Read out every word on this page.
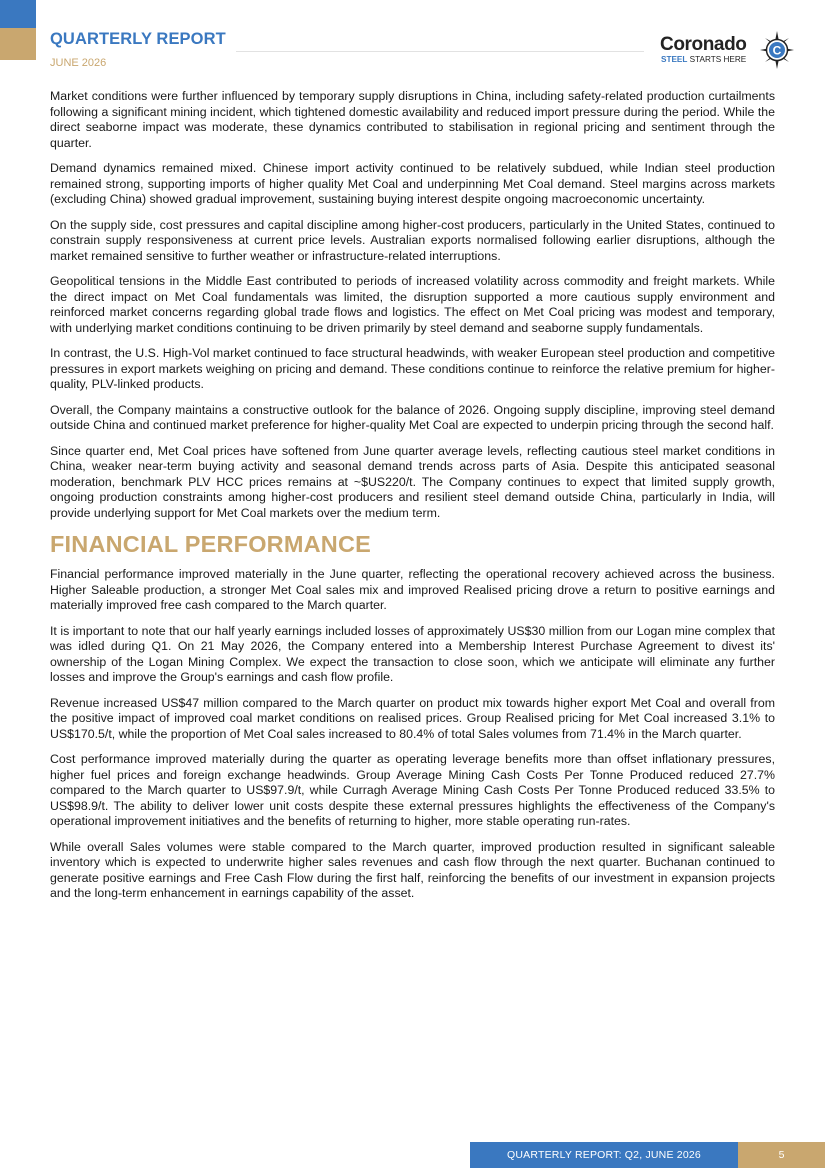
QUARTERLY REPORT
JUNE 2026
Coronado
STEEL STARTS HERE
C

Market conditions were further influenced by temporary supply disruptions in China, including safety-related production curtailments following a significant mining incident, which tightened domestic availability and reduced import pressure during the period. While the direct seaborne impact was moderate, these dynamics contributed to stabilisation in regional pricing and sentiment through the quarter.

Demand dynamics remained mixed. Chinese import activity continued to be relatively subdued, while Indian steel production remained strong, supporting imports of higher quality Met Coal and underpinning Met Coal demand. Steel margins across markets (excluding China) showed gradual improvement, sustaining buying interest despite ongoing macroeconomic uncertainty.

On the supply side, cost pressures and capital discipline among higher-cost producers, particularly in the United States, continued to constrain supply responsiveness at current price levels. Australian exports normalised following earlier disruptions, although the market remained sensitive to further weather or infrastructure-related interruptions.

Geopolitical tensions in the Middle East contributed to periods of increased volatility across commodity and freight markets. While the direct impact on Met Coal fundamentals was limited, the disruption supported a more cautious supply environment and reinforced market concerns regarding global trade flows and logistics. The effect on Met Coal pricing was modest and temporary, with underlying market conditions continuing to be driven primarily by steel demand and seaborne supply fundamentals.

In contrast, the U.S. High-Vol market continued to face structural headwinds, with weaker European steel production and competitive pressures in export markets weighing on pricing and demand. These conditions continue to reinforce the relative premium for higher-quality, PLV-linked products.

Overall, the Company maintains a constructive outlook for the balance of 2026. Ongoing supply discipline, improving steel demand outside China and continued market preference for higher-quality Met Coal are expected to underpin pricing through the second half.

Since quarter end, Met Coal prices have softened from June quarter average levels, reflecting cautious steel market conditions in China, weaker near-term buying activity and seasonal demand trends across parts of Asia. Despite this anticipated seasonal moderation, benchmark PLV HCC prices remains at ~$US220/t. The Company continues to expect that limited supply growth, ongoing production constraints among higher-cost producers and resilient steel demand outside China, particularly in India, will provide underlying support for Met Coal markets over the medium term.

FINANCIAL PERFORMANCE

Financial performance improved materially in the June quarter, reflecting the operational recovery achieved across the business. Higher Saleable production, a stronger Met Coal sales mix and improved Realised pricing drove a return to positive earnings and materially improved free cash compared to the March quarter.

It is important to note that our half yearly earnings included losses of approximately US$30 million from our Logan mine complex that was idled during Q1. On 21 May 2026, the Company entered into a Membership Interest Purchase Agreement to divest its' ownership of the Logan Mining Complex. We expect the transaction to close soon, which we anticipate will eliminate any further losses and improve the Group's earnings and cash flow profile.

Revenue increased US$47 million compared to the March quarter on product mix towards higher export Met Coal and overall from the positive impact of improved coal market conditions on realised prices. Group Realised pricing for Met Coal increased 3.1% to US$170.5/t, while the proportion of Met Coal sales increased to 80.4% of total Sales volumes from 71.4% in the March quarter.

Cost performance improved materially during the quarter as operating leverage benefits more than offset inflationary pressures, higher fuel prices and foreign exchange headwinds. Group Average Mining Cash Costs Per Tonne Produced reduced 27.7% compared to the March quarter to US$97.9/t, while Curragh Average Mining Cash Costs Per Tonne Produced reduced 33.5% to US$98.9/t. The ability to deliver lower unit costs despite these external pressures highlights the effectiveness of the Company's operational improvement initiatives and the benefits of returning to higher, more stable operating run-rates.

While overall Sales volumes were stable compared to the March quarter, improved production resulted in significant saleable inventory which is expected to underwrite higher sales revenues and cash flow through the next quarter. Buchanan continued to generate positive earnings and Free Cash Flow during the first half, reinforcing the benefits of our investment in expansion projects and the long-term enhancement in earnings capability of the asset.

QUARTERLY REPORT: Q2, JUNE 2026	5
